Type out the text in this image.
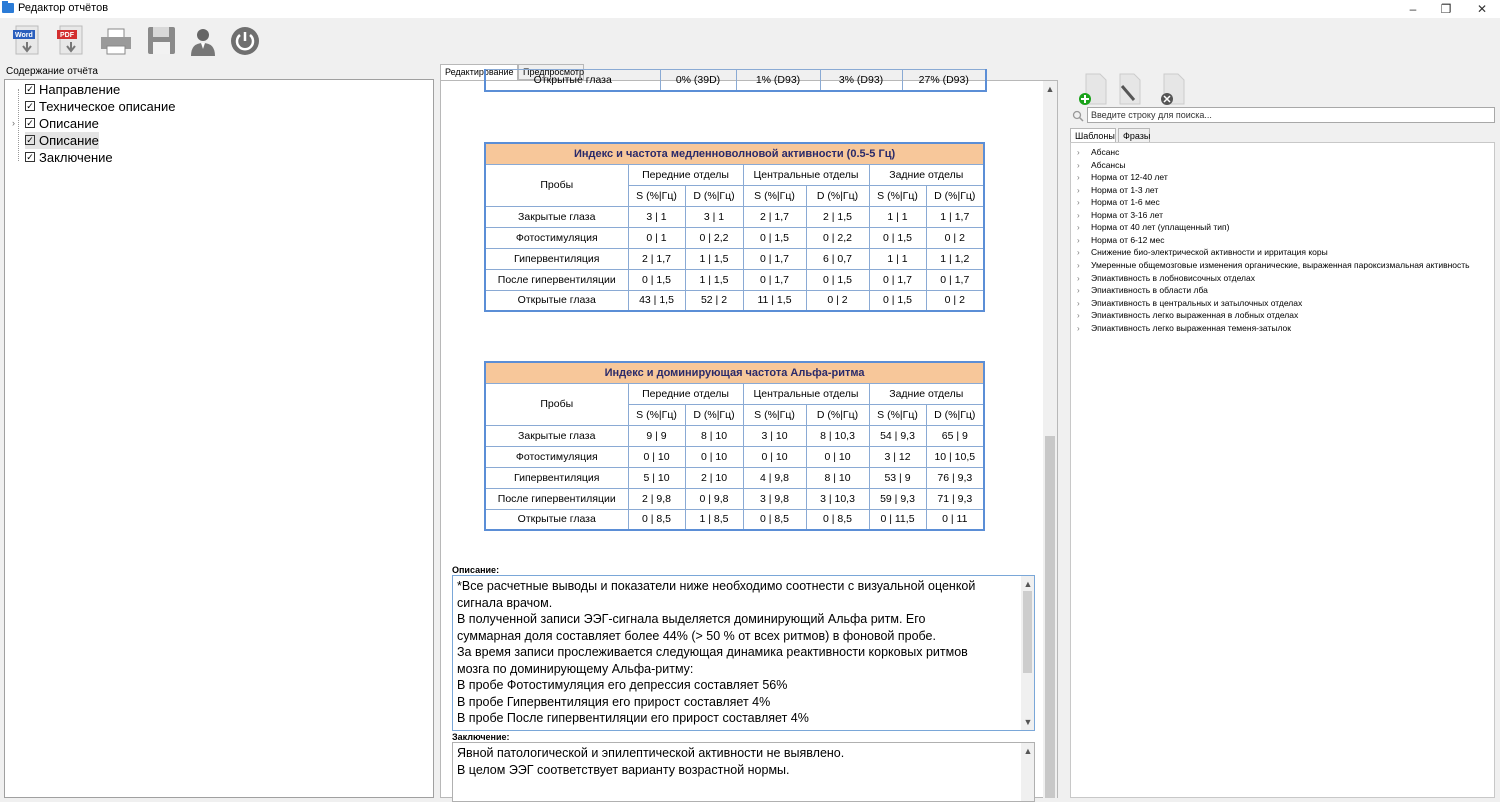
Редактор отчётов	–	❐	✕
Word	PDF
Содержание отчёта
›
✓ Направление
✓ Техническое описание
✓ Описание
✓ Описание
✓ Заключение
Редактирование	Предпросмотр
Открытые глаза	0% (39D)	1% (D93)	3% (D93)	27% (D93)
Индекс и частота медленноволновой активности (0.5-5 Гц)						
Пробы	Передние отделы		Центральные отделы		Задние отделы	
	S (%|Гц)	D (%|Гц)	S (%|Гц)	D (%|Гц)	S (%|Гц)	D (%|Гц)
Закрытые глаза	3 | 1	3 | 1	2 | 1,7	2 | 1,5	1 | 1	1 | 1,7
Фотостимуляция	0 | 1	0 | 2,2	0 | 1,5	0 | 2,2	0 | 1,5	0 | 2
Гипервентиляция	2 | 1,7	1 | 1,5	0 | 1,7	6 | 0,7	1 | 1	1 | 1,2
После гипервентиляции	0 | 1,5	1 | 1,5	0 | 1,7	0 | 1,5	0 | 1,7	0 | 1,7
Открытые глаза	43 | 1,5	52 | 2	11 | 1,5	0 | 2	0 | 1,5	0 | 2
Индекс и доминирующая частота Альфа-ритма						
Пробы	Передние отделы		Центральные отделы		Задние отделы	
	S (%|Гц)	D (%|Гц)	S (%|Гц)	D (%|Гц)	S (%|Гц)	D (%|Гц)
Закрытые глаза	9 | 9	8 | 10	3 | 10	8 | 10,3	54 | 9,3	65 | 9
Фотостимуляция	0 | 10	0 | 10	0 | 10	0 | 10	3 | 12	10 | 10,5
Гипервентиляция	5 | 10	2 | 10	4 | 9,8	8 | 10	53 | 9	76 | 9,3
После гипервентиляции	2 | 9,8	0 | 9,8	3 | 9,8	3 | 10,3	59 | 9,3	71 | 9,3
Открытые глаза	0 | 8,5	1 | 8,5	0 | 8,5	0 | 8,5	0 | 11,5	0 | 11
Описание:
*Все расчетные выводы и показатели ниже необходимо соотнести с визуальной оценкой
сигнала врачом.
В полученной записи ЭЭГ-сигнала выделяется доминирующий Альфа ритм. Его
суммарная доля составляет более 44% (> 50 % от всех ритмов) в фоновой пробе.
За время записи прослеживается следующая динамика реактивности корковых ритмов
мозга по доминирующему Альфа-ритму:
В пробе Фотостимуляция его депрессия составляет 56%
В пробе Гипервентиляция его прирост составляет 4%
В пробе После гипервентиляции его прирост составляет 4%
▲
▼
Заключение:
Явной патологической и эпилептической активности не выявлено.
В целом ЭЭГ соответствует варианту возрастной нормы.
▲
▲
Введите строку для поиска...
Шаблоны Фразы
› Абсанс
› Абсансы
› Норма от 12-40 лет
› Норма от 1-3 лет
› Норма от 1-6 мес
› Норма от 3-16 лет
› Норма от 40 лет (уплащенный тип)
› Норма от 6-12 мес
› Снижение био-электрической активности и ирритация коры
› Умеренные общемозговые изменения органические, выраженная пароксизмальная активность
› Эпиактивность в лобновисочных отделах
› Эпиактивность в области лба
› Эпиактивность в центральных и затылочных отделах
› Эпиактивность легко выраженная в лобных отделах
› Эпиактивность легко выраженная теменя-затылок
